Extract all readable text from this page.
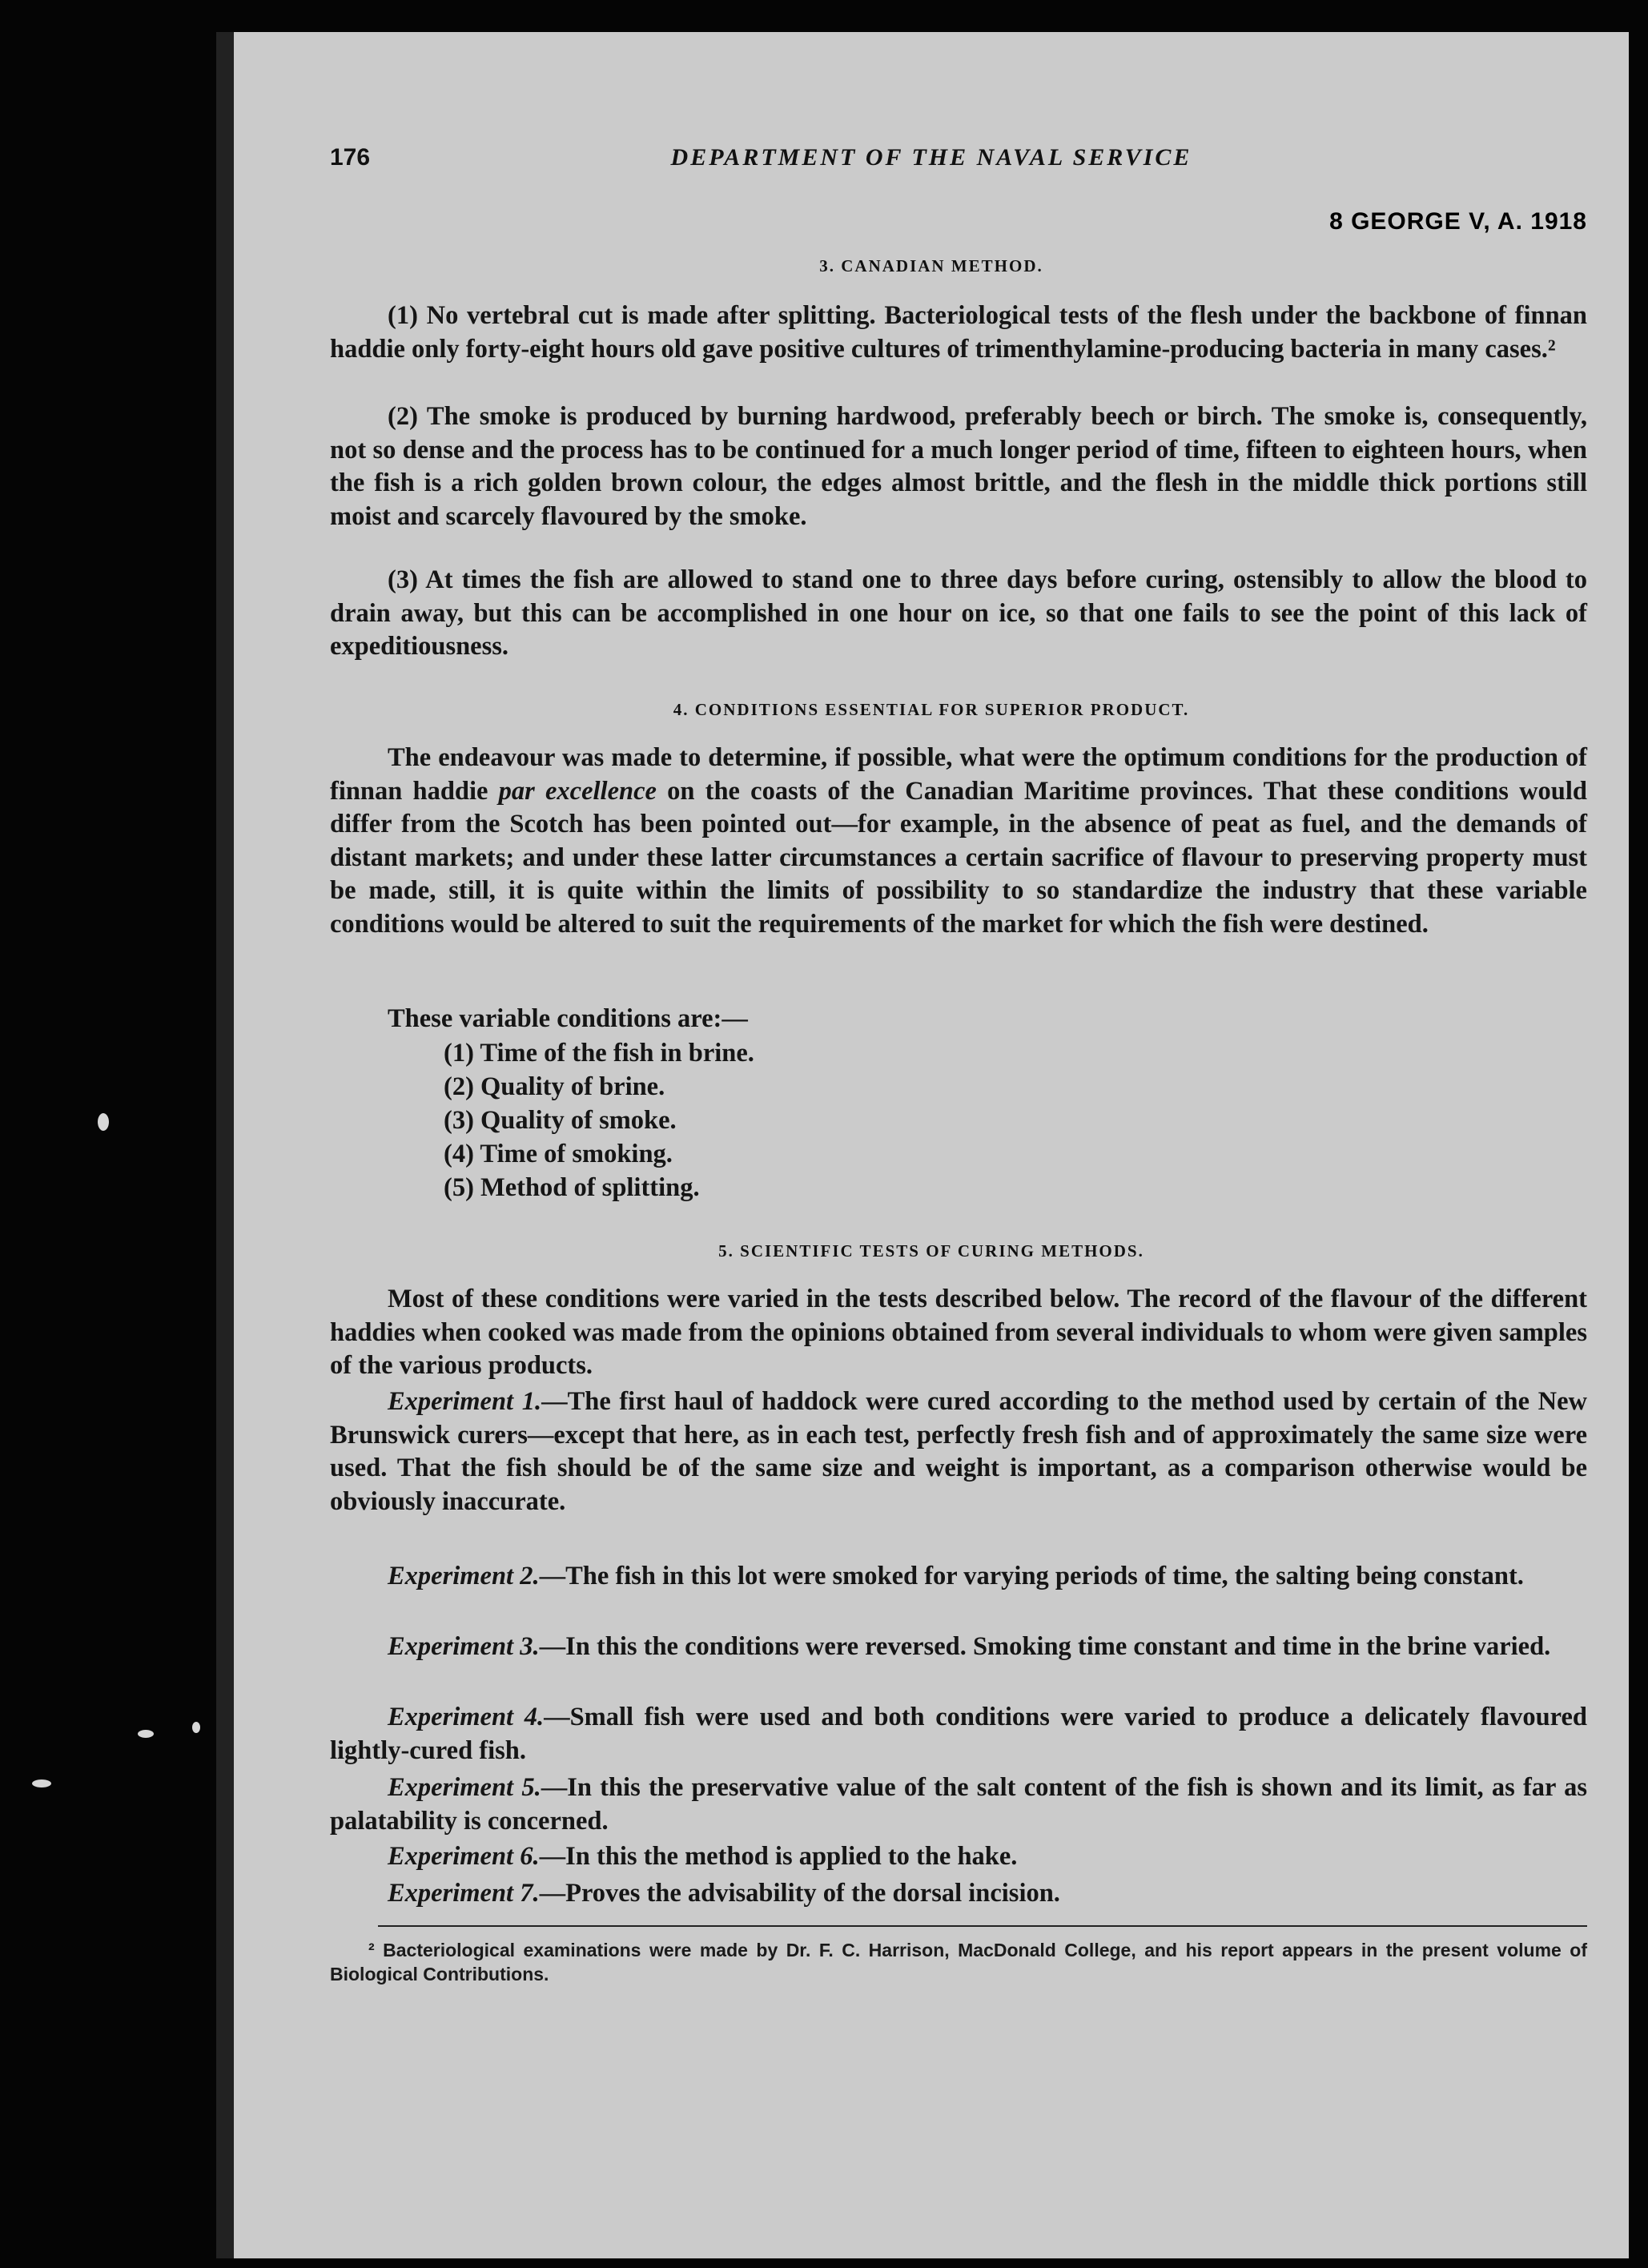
176	DEPARTMENT OF THE NAVAL SERVICE
8 GEORGE V, A. 1918
3. CANADIAN METHOD.

(1) No vertebral cut is made after splitting. Bacteriological tests of the flesh under the backbone of finnan haddie only forty-eight hours old gave positive cultures of trimenthylamine-producing bacteria in many cases.²

(2) The smoke is produced by burning hardwood, preferably beech or birch. The smoke is, consequently, not so dense and the process has to be continued for a much longer period of time, fifteen to eighteen hours, when the fish is a rich golden brown colour, the edges almost brittle, and the flesh in the middle thick portions still moist and scarcely flavoured by the smoke.

(3) At times the fish are allowed to stand one to three days before curing, ostensibly to allow the blood to drain away, but this can be accomplished in one hour on ice, so that one fails to see the point of this lack of expeditiousness.

4. CONDITIONS ESSENTIAL FOR SUPERIOR PRODUCT.

The endeavour was made to determine, if possible, what were the optimum conditions for the production of finnan haddie par excellence on the coasts of the Canadian Maritime provinces. That these conditions would differ from the Scotch has been pointed out—for example, in the absence of peat as fuel, and the demands of distant markets; and under these latter circumstances a certain sacrifice of flavour to preserving property must be made, still, it is quite within the limits of possibility to so standardize the industry that these variable conditions would be altered to suit the requirements of the market for which the fish were destined.

These variable conditions are:—

(1) Time of the fish in brine.
(2) Quality of brine.
(3) Quality of smoke.
(4) Time of smoking.
(5) Method of splitting.
5. SCIENTIFIC TESTS OF CURING METHODS.

Most of these conditions were varied in the tests described below. The record of the flavour of the different haddies when cooked was made from the opinions obtained from several individuals to whom were given samples of the various products.

Experiment 1.—The first haul of haddock were cured according to the method used by certain of the New Brunswick curers—except that here, as in each test, perfectly fresh fish and of approximately the same size were used. That the fish should be of the same size and weight is important, as a comparison otherwise would be obviously inaccurate.

Experiment 2.—The fish in this lot were smoked for varying periods of time, the salting being constant.

Experiment 3.—In this the conditions were reversed. Smoking time constant and time in the brine varied.

Experiment 4.—Small fish were used and both conditions were varied to produce a delicately flavoured lightly-cured fish.

Experiment 5.—In this the preservative value of the salt content of the fish is shown and its limit, as far as palatability is concerned.

Experiment 6.—In this the method is applied to the hake.

Experiment 7.—Proves the advisability of the dorsal incision.

² Bacteriological examinations were made by Dr. F. C. Harrison, MacDonald College, and his report appears in the present volume of Biological Contributions.
